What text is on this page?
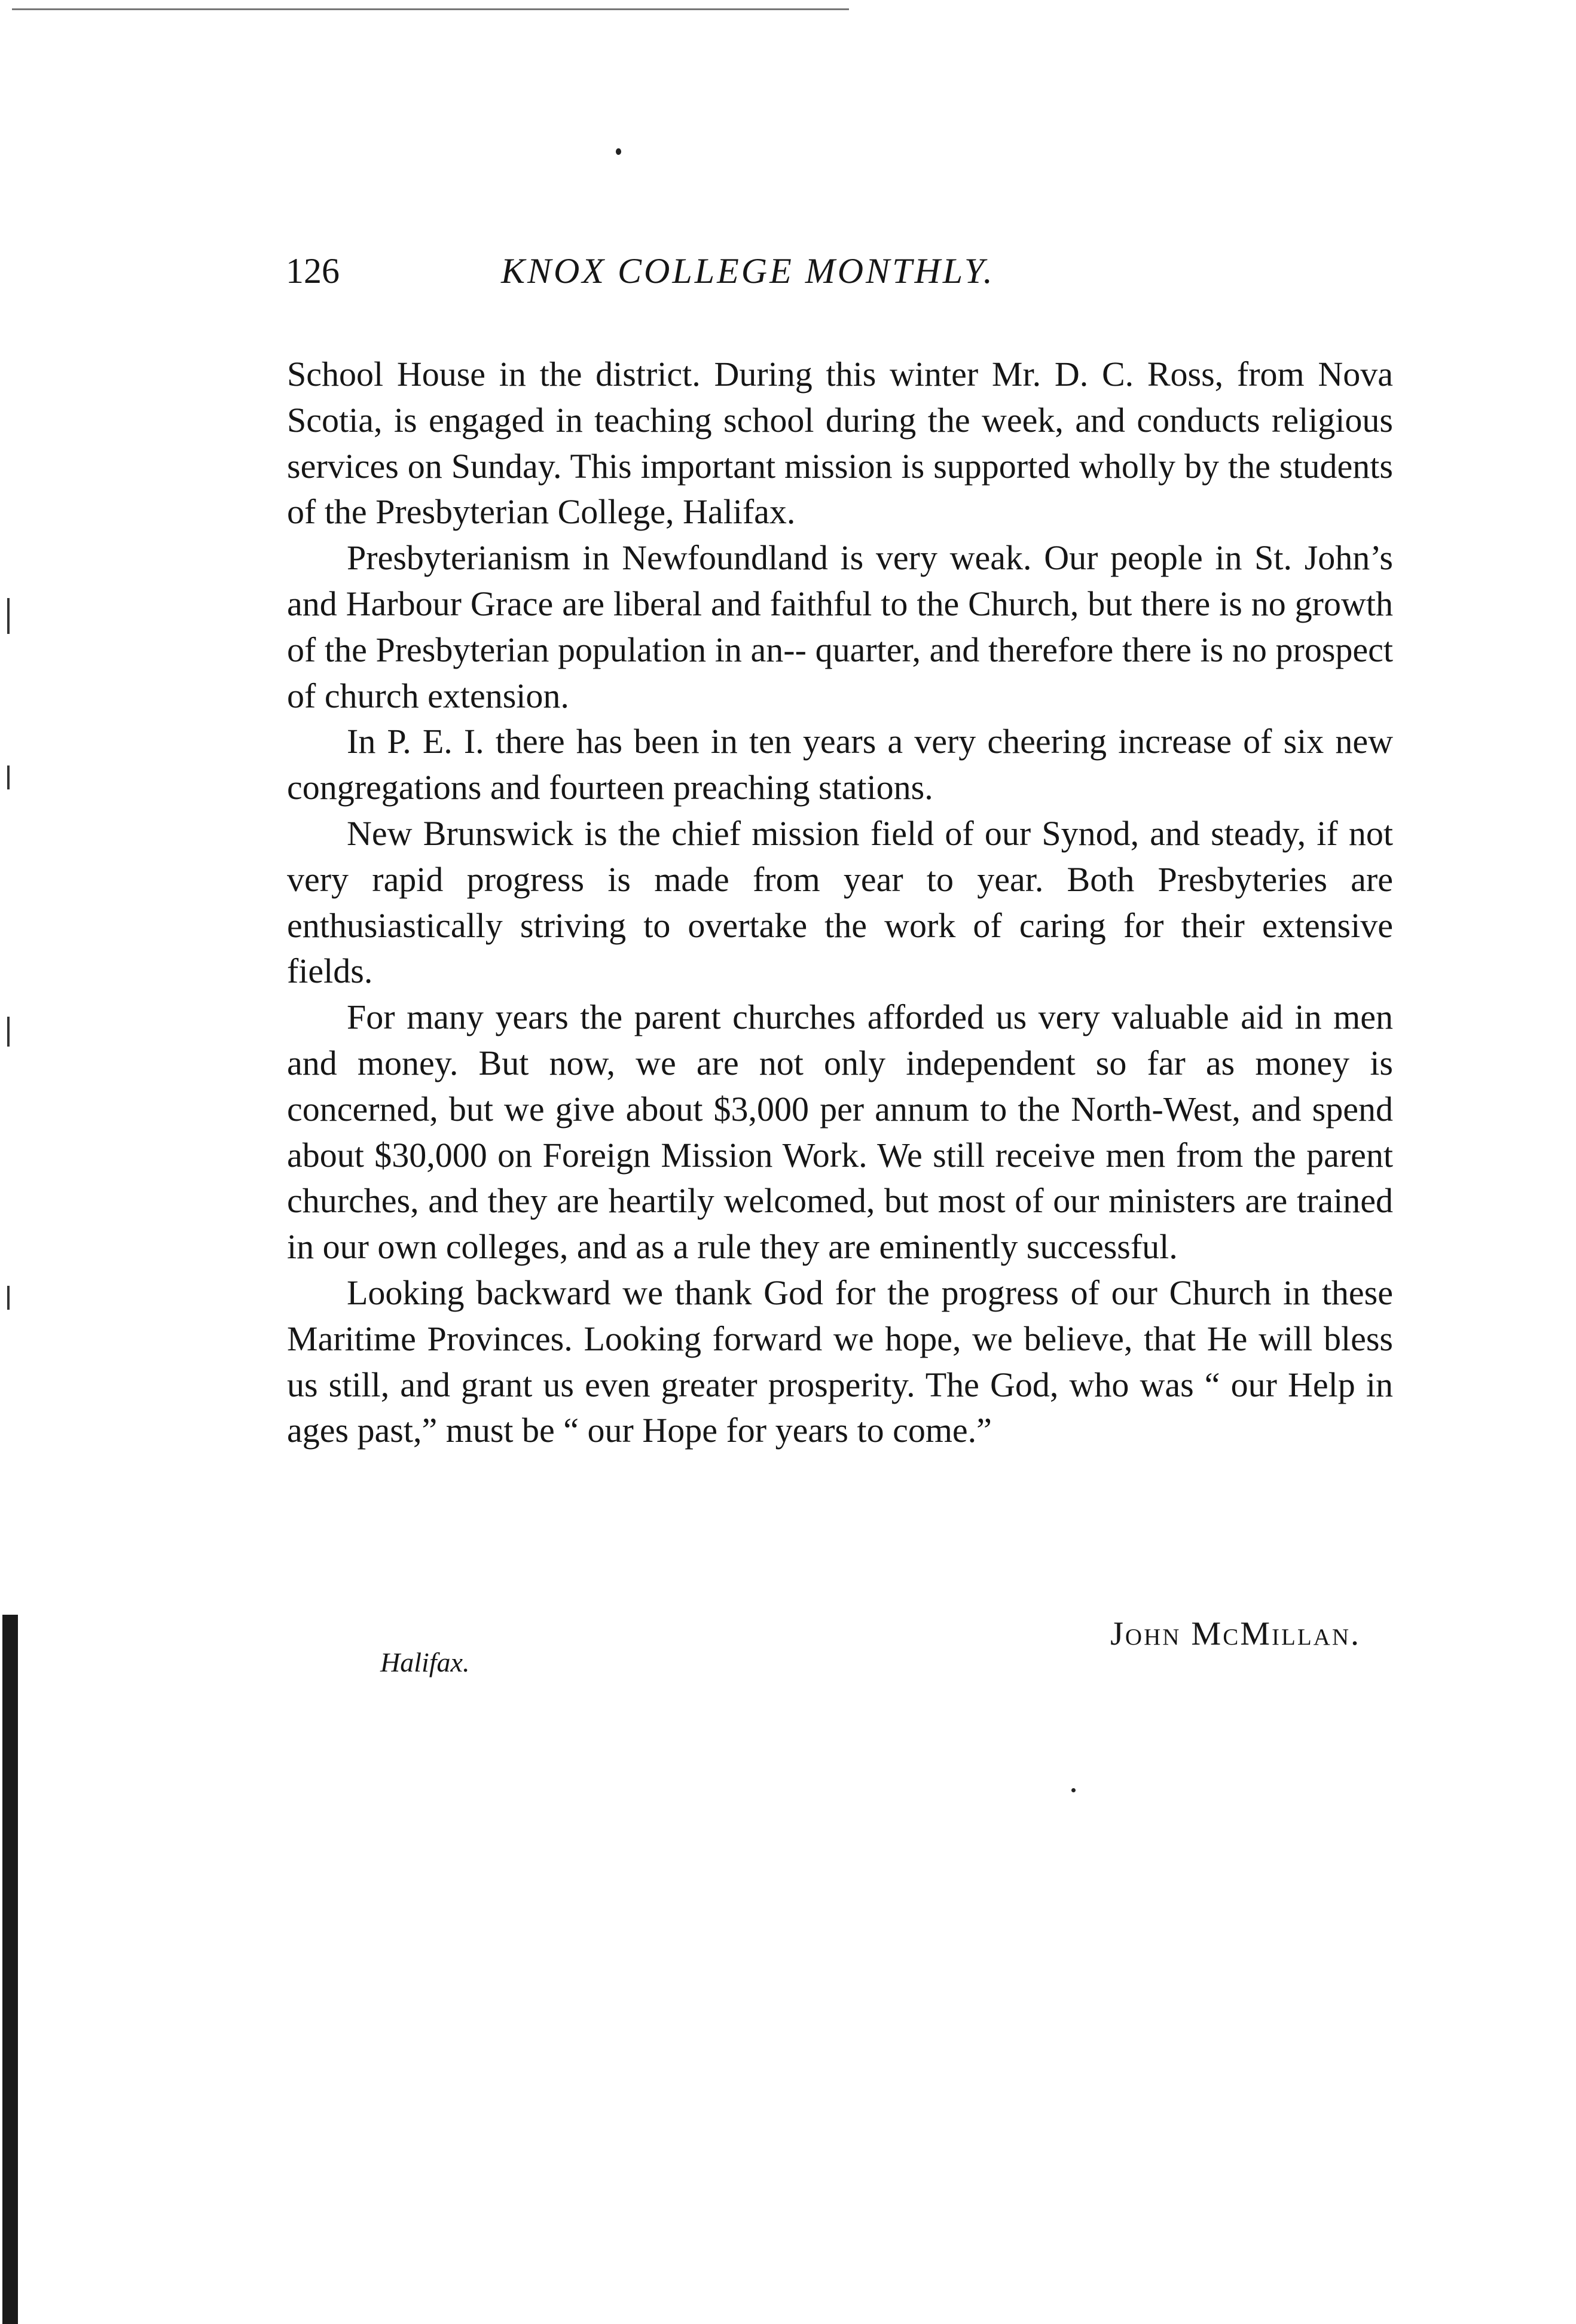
126	KNOX COLLEGE MONTHLY.

School House in the district. During this winter Mr. D. C. Ross, from Nova Scotia, is engaged in teaching school during the week, and conducts religious services on Sunday. This important mission is supported wholly by the students of the Presbyterian College, Halifax.

Presbyterianism in Newfoundland is very weak. Our people in St. John’s and Harbour Grace are liberal and faithful to the Church, but there is no growth of the Presbyterian population in an‑‑ quarter, and therefore there is no prospect of church extension.

In P. E. I. there has been in ten years a very cheering increase of six new congregations and fourteen preaching stations.

New Brunswick is the chief mission field of our Synod, and steady, if not very rapid progress is made from year to year. Both Presbyteries are enthusiastically striving to overtake the work of caring for their extensive fields.

For many years the parent churches afforded us very valuable aid in men and money. But now, we are not only independent so far as money is concerned, but we give about $3,000 per annum to the North-West, and spend about $30,000 on Foreign Mission Work. We still receive men from the parent churches, and they are heartily welcomed, but most of our ministers are trained in our own colleges, and as a rule they are eminently successful.

Looking backward we thank God for the progress of our Church in these Maritime Provinces. Looking forward we hope, we believe, that He will bless us still, and grant us even greater prosperity. The God, who was “ our Help in ages past,” must be “ our Hope for years to come.”

John McMillan.
Halifax.
